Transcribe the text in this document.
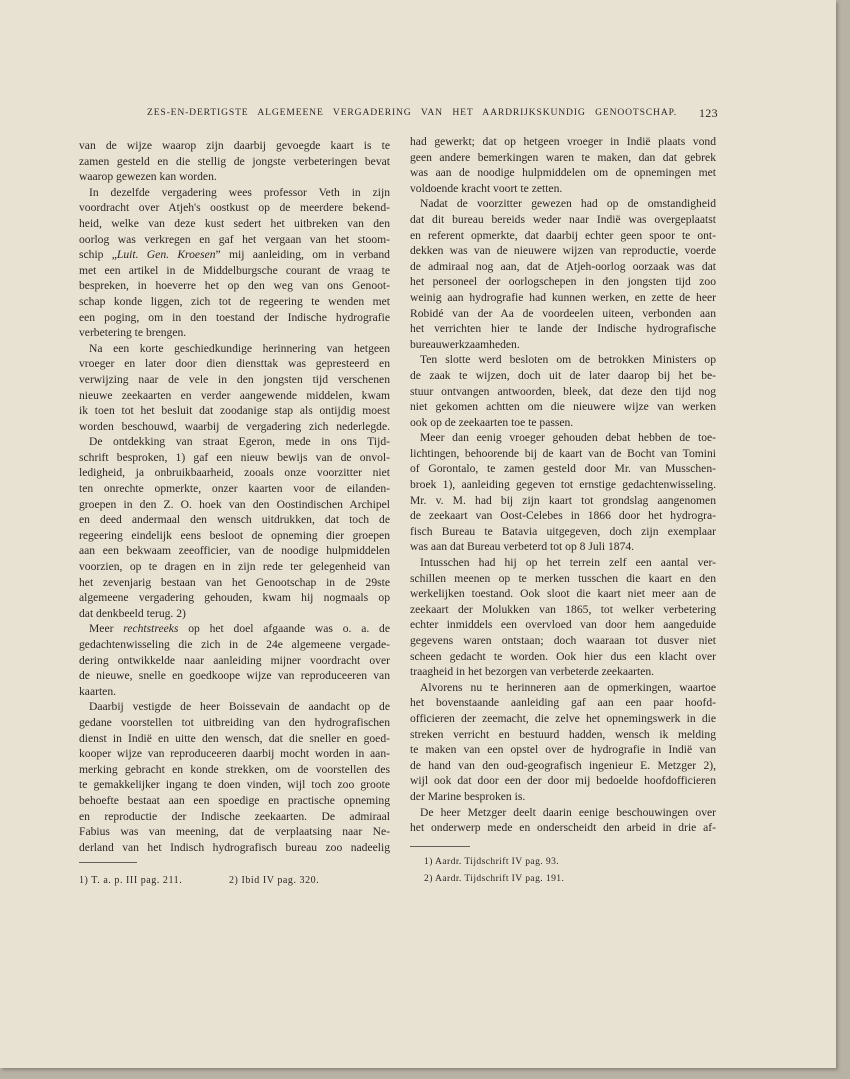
ZES-EN-DERTIGSTE ALGEMEENE VERGADERING VAN HET AARDRIJKSKUNDIG GENOOTSCHAP. 123
van de wijze waarop zijn daarbij gevoegde kaart is te
zamen gesteld en die stellig de jongste verbeteringen bevat
waarop gewezen kan worden.
In dezelfde vergadering wees professor Veth in zijn
voordracht over Atjeh's oostkust op de meerdere bekend-
heid, welke van deze kust sedert het uitbreken van den
oorlog was verkregen en gaf het vergaan van het stoom-
schip „Luit. Gen. Kroesen” mij aanleiding, om in verband
met een artikel in de Middelburgsche courant de vraag te
bespreken, in hoeverre het op den weg van ons Genoot-
schap konde liggen, zich tot de regeering te wenden met
een poging, om in den toestand der Indische hydrografie
verbetering te brengen.
Na een korte geschiedkundige herinnering van hetgeen
vroeger en later door dien diensttak was gepresteerd en
verwijzing naar de vele in den jongsten tijd verschenen
nieuwe zeekaarten en verder aangewende middelen, kwam
ik toen tot het besluit dat zoodanige stap als ontijdig moest
worden beschouwd, waarbij de vergadering zich nederlegde.
De ontdekking van straat Egeron, mede in ons Tijd-
schrift besproken, 1) gaf een nieuw bewijs van de onvol-
ledigheid, ja onbruikbaarheid, zooals onze voorzitter niet
ten onrechte opmerkte, onzer kaarten voor de eilanden-
groepen in den Z. O. hoek van den Oostindischen Archipel
en deed andermaal den wensch uitdrukken, dat toch de
regeering eindelijk eens besloot de opneming dier groepen
aan een bekwaam zeeofficier, van de noodige hulpmiddelen
voorzien, op te dragen en in zijn rede ter gelegenheid van
het zevenjarig bestaan van het Genootschap in de 29ste
algemeene vergadering gehouden, kwam hij nogmaals op
dat denkbeeld terug. 2)
Meer rechtstreeks op het doel afgaande was o. a. de
gedachtenwisseling die zich in de 24e algemeene vergade-
dering ontwikkelde naar aanleiding mijner voordracht over
de nieuwe, snelle en goedkoope wijze van reproduceeren van
kaarten.
Daarbij vestigde de heer Boissevain de aandacht op de
gedane voorstellen tot uitbreiding van den hydrografischen
dienst in Indië en uitte den wensch, dat die sneller en goed-
kooper wijze van reproduceeren daarbij mocht worden in aan-
merking gebracht en konde strekken, om de voorstellen des
te gemakkelijker ingang te doen vinden, wijl toch zoo groote
behoefte bestaat aan een spoedige en practische opneming
en reproductie der Indische zeekaarten. De admiraal
Fabius was van meening, dat de verplaatsing naar Ne-
derland van het Indisch hydrografisch bureau zoo nadeelig
1) T. a. p. III pag. 211.	2) Ibid IV pag. 320.
had gewerkt; dat op hetgeen vroeger in Indië plaats vond
geen andere bemerkingen waren te maken, dan dat gebrek
was aan de noodige hulpmiddelen om de opnemingen met
voldoende kracht voort te zetten.
Nadat de voorzitter gewezen had op de omstandigheid
dat dit bureau bereids weder naar Indië was overgeplaatst
en referent opmerkte, dat daarbij echter geen spoor te ont-
dekken was van de nieuwere wijzen van reproductie, voerde
de admiraal nog aan, dat de Atjeh-oorlog oorzaak was dat
het personeel der oorlogschepen in den jongsten tijd zoo
weinig aan hydrografie had kunnen werken, en zette de heer
Robidé van der Aa de voordeelen uiteen, verbonden aan
het verrichten hier te lande der Indische hydrografische
bureauwerkzaamheden.
Ten slotte werd besloten om de betrokken Ministers op
de zaak te wijzen, doch uit de later daarop bij het be-
stuur ontvangen antwoorden, bleek, dat deze den tijd nog
niet gekomen achtten om die nieuwere wijze van werken
ook op de zeekaarten toe te passen.
Meer dan eenig vroeger gehouden debat hebben de toe-
lichtingen, behoorende bij de kaart van de Bocht van Tomini
of Gorontalo, te zamen gesteld door Mr. van Musschen-
broek 1), aanleiding gegeven tot ernstige gedachtenwisseling.
Mr. v. M. had bij zijn kaart tot grondslag aangenomen
de zeekaart van Oost-Celebes in 1866 door het hydrogra-
fisch Bureau te Batavia uitgegeven, doch zijn exemplaar
was aan dat Bureau verbeterd tot op 8 Juli 1874.
Intusschen had hij op het terrein zelf een aantal ver-
schillen meenen op te merken tusschen die kaart en den
werkelijken toestand. Ook sloot die kaart niet meer aan de
zeekaart der Molukken van 1865, tot welker verbetering
echter inmiddels een overvloed van door hem aangeduide
gegevens waren ontstaan; doch waaraan tot dusver niet
scheen gedacht te worden. Ook hier dus een klacht over
traagheid in het bezorgen van verbeterde zeekaarten.
Alvorens nu te herinneren aan de opmerkingen, waartoe
het bovenstaande aanleiding gaf aan een paar hoofd-
officieren der zeemacht, die zelve het opnemingswerk in die
streken verricht en bestuurd hadden, wensch ik melding
te maken van een opstel over de hydrografie in Indië van
de hand van den oud-geografisch ingenieur E. Metzger 2),
wijl ook dat door een der door mij bedoelde hoofdofficieren
der Marine besproken is.
De heer Metzger deelt daarin eenige beschouwingen over
het onderwerp mede en onderscheidt den arbeid in drie af-
1) Aardr. Tijdschrift IV pag. 93.
2) Aardr. Tijdschrift IV pag. 191.
